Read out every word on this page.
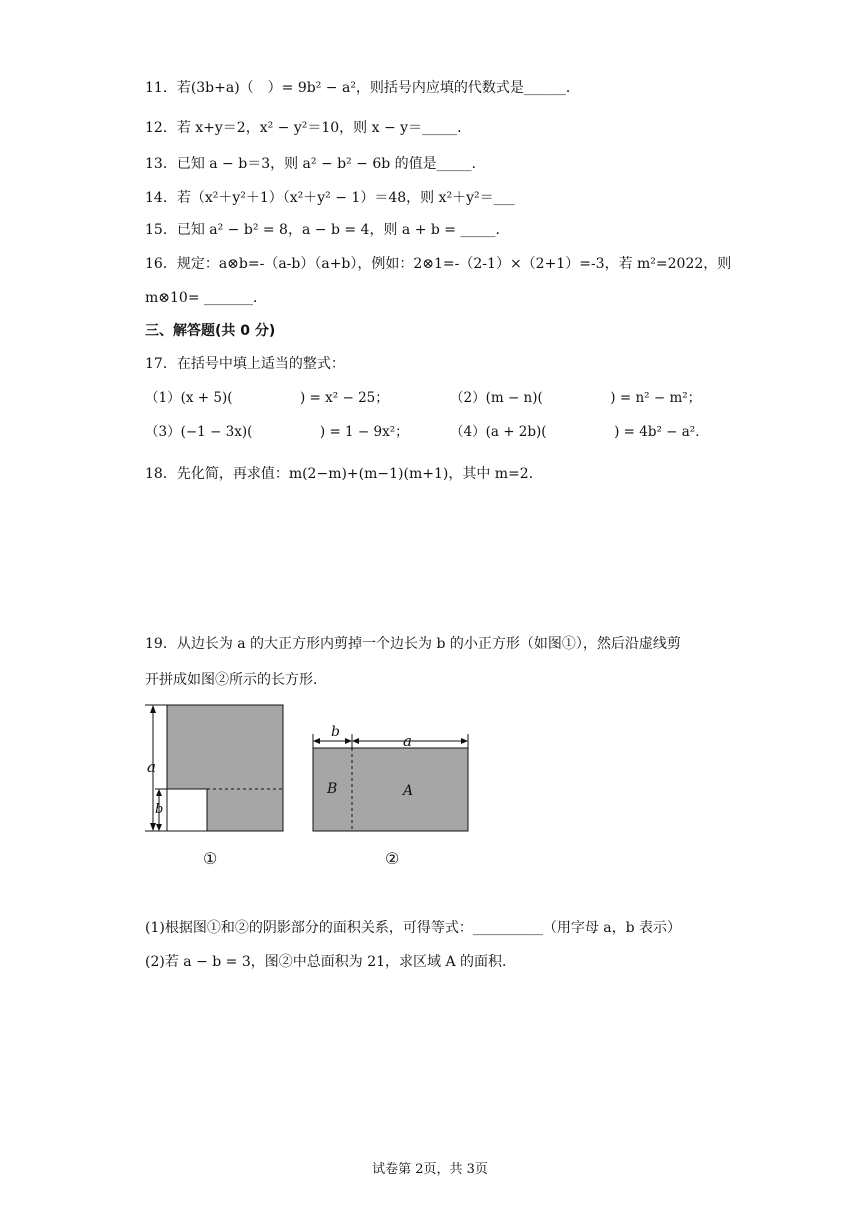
11．若(3b+a)（　）= 9b² − a²，则括号内应填的代数式是______．
12．若 x+y＝2，x² − y²＝10，则 x − y＝_____．
13．已知 a − b＝3，则 a² − b² − 6b 的值是_____．
14．若（x²＋y²＋1）（x²＋y² − 1）＝48，则 x²＋y²＝___
15．已知 a² − b² = 8，a − b = 4，则 a + b = _____．
16．规定：a⊗b=-（a-b）（a+b），例如：2⊗1=-（2-1）×（2+1）=-3，若 m²=2022，则
m⊗10= _______．
三、解答题(共 0 分)
17．在括号中填上适当的整式：
（1）(x + 5)(　　　　　) = x² − 25；	（2）(m − n)(　　　　　) = n² − m²；
（3）(−1 − 3x)(　　　　　) = 1 − 9x²；	（4）(a + 2b)(　　　　　) = 4b² − a²．
18．先化简，再求值：m(2−m)+(m−1)(m+1)，其中 m=2．
19．从边长为 a 的大正方形内剪掉一个边长为 b 的小正方形（如图①），然后沿虚线剪
开拼成如图②所示的长方形．
a
b
①
b	a
B	A
②
(1)根据图①和②的阴影部分的面积关系，可得等式：__________（用字母 a，b 表示）
(2)若 a − b = 3，图②中总面积为 21，求区域 A 的面积．
试卷第 2页，共 3页
